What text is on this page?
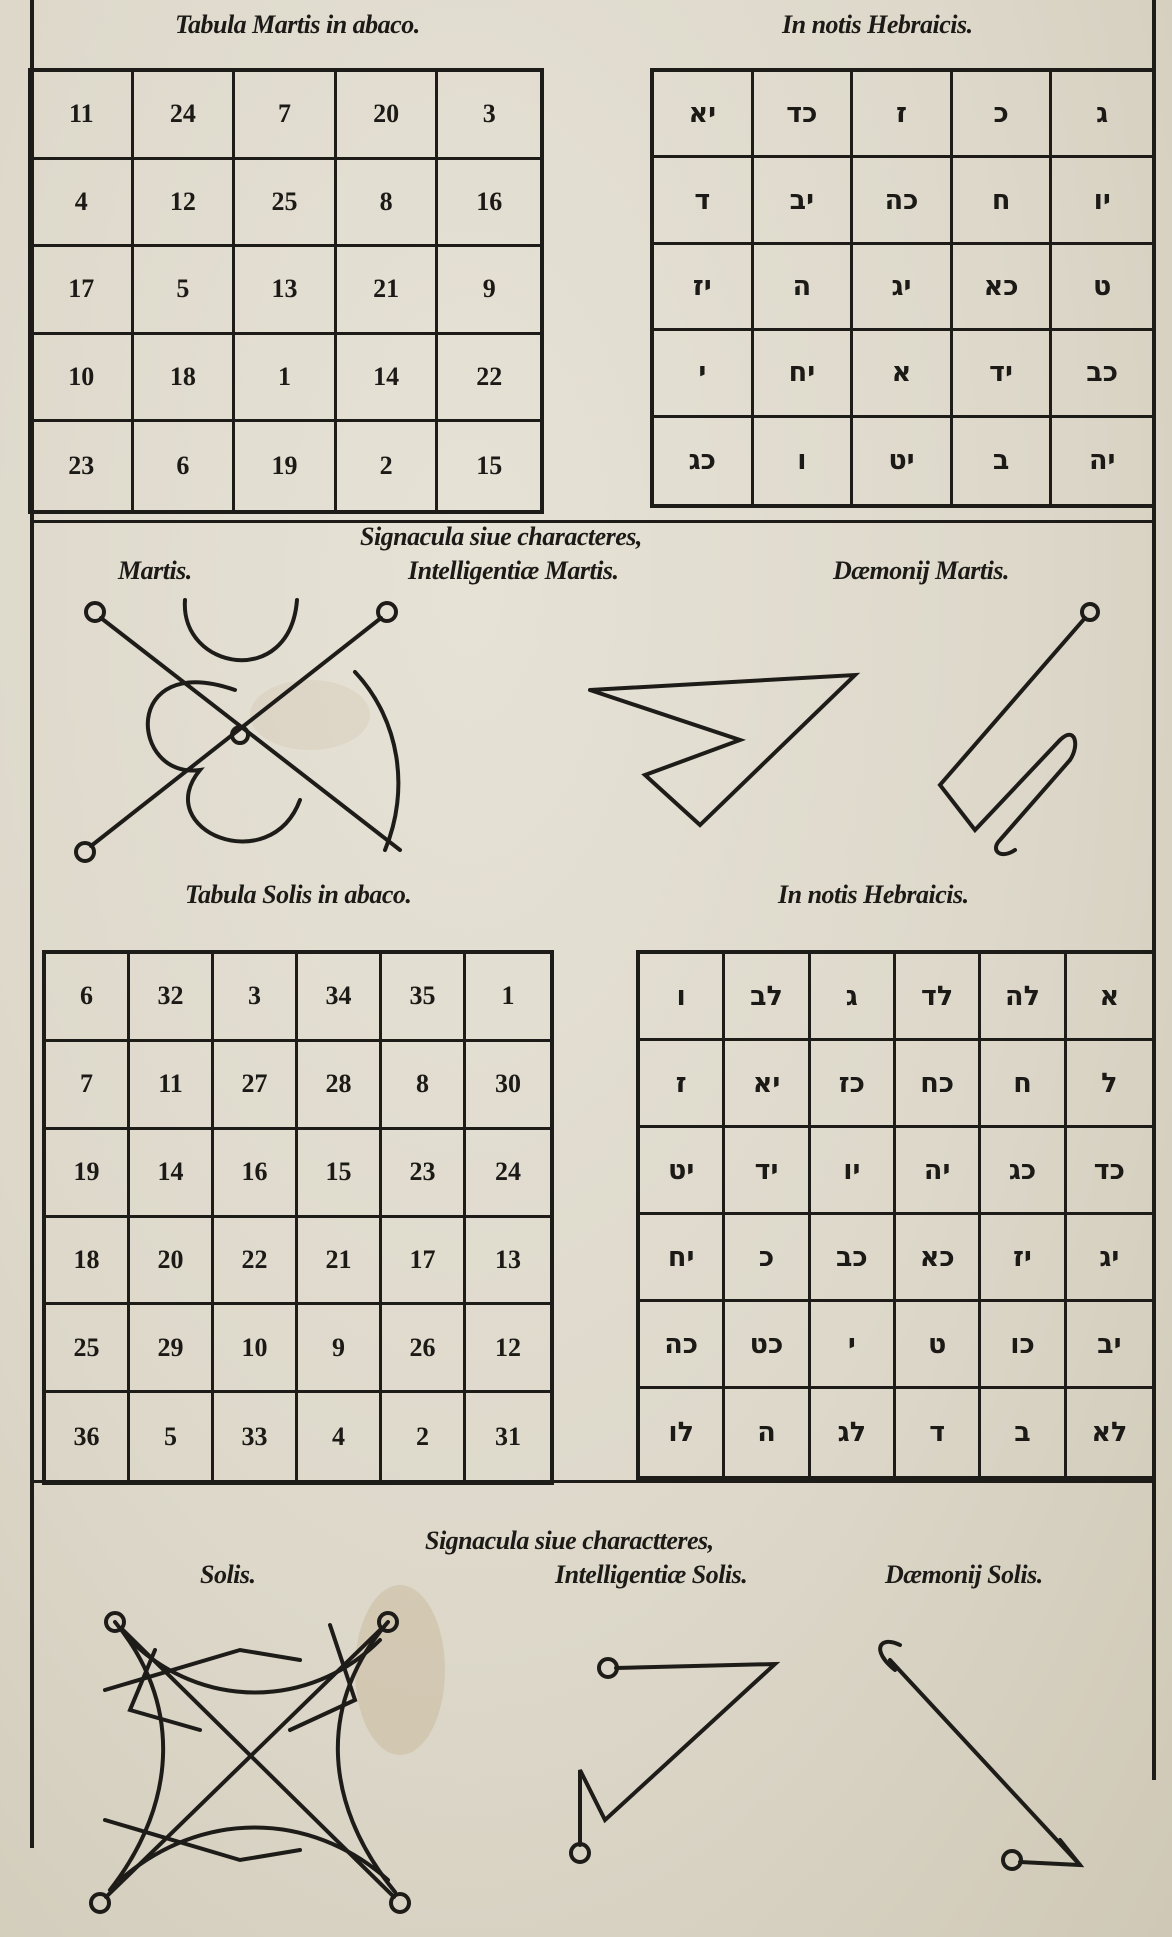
Tabula Martis in abaco.	In notis Hebraicis.
11	24	7	20	3
4	12	25	8	16
17	5	13	21	9
10	18	1	14	22
23	6	19	2	15
יא	כד	ז	כ	ג
ד	יב	כה	ח	יו
יז	ה	יג	כא	ט
י	יח	א	יד	כב
כג	ו	יט	ב	יה
Signacula siue characteres,
Martis.	Intelligentiæ Martis.	Dæmonij Martis.
Tabula Solis in abaco.	In notis Hebraicis.
6	32	3	34	35	1
7	11	27	28	8	30
19	14	16	15	23	24
18	20	22	21	17	13
25	29	10	9	26	12
36	5	33	4	2	31
ו	לב	ג	לד	לה	א
ז	יא	כז	כח	ח	ל
יט	יד	יו	יה	כג	כד
יח	כ	כב	כא	יז	יג
כה	כט	י	ט	כו	יב
לו	ה	לג	ד	ב	לא
Signacula siue charactteres,
Solis.	Intelligentiæ Solis.	Dæmonij Solis.
